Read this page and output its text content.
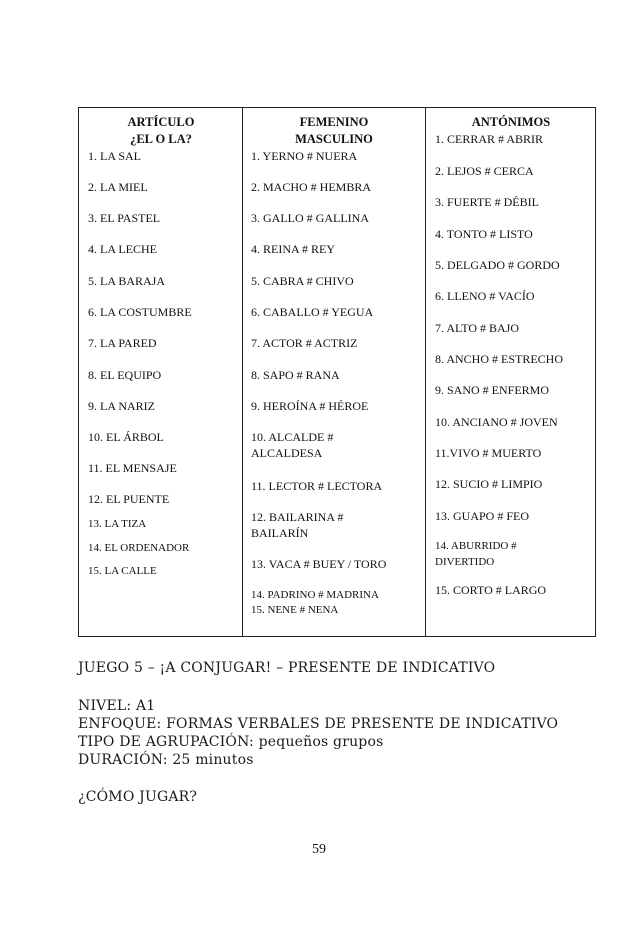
ARTÍCULO
¿EL O LA?
1. LA SAL
2. LA MIEL
3. EL PASTEL
4. LA LECHE
5. LA BARAJA
6. LA COSTUMBRE
7. LA PARED
8. EL EQUIPO
9. LA NARIZ
10. EL ÁRBOL
11. EL MENSAJE
12. EL PUENTE
13. LA TIZA
14. EL ORDENADOR
15. LA CALLE
FEMENINO
MASCULINO
1. YERNO # NUERA
2. MACHO # HEMBRA
3. GALLO # GALLINA
4. REINA # REY
5. CABRA # CHIVO
6. CABALLO # YEGUA
7. ACTOR # ACTRIZ
8. SAPO # RANA
9. HEROÍNA # HÉROE
10. ALCALDE # ALCALDESA
11. LECTOR # LECTORA
12. BAILARINA # BAILARÍN
13. VACA # BUEY / TORO
14. PADRINO # MADRINA
15. NENE # NENA
ANTÓNIMOS
1. CERRAR # ABRIR
2. LEJOS # CERCA
3. FUERTE # DÉBIL
4. TONTO # LISTO
5. DELGADO # GORDO
6. LLENO # VACÍO
7. ALTO # BAJO
8. ANCHO # ESTRECHO
9. SANO # ENFERMO
10. ANCIANO # JOVEN
11.VIVO # MUERTO
12. SUCIO # LIMPIO
13. GUAPO # FEO
14. ABURRIDO # DIVERTIDO
15. CORTO # LARGO
JUEGO 5 – ¡A CONJUGAR! – PRESENTE DE INDICATIVO
NIVEL: A1
ENFOQUE: FORMAS VERBALES DE PRESENTE DE INDICATIVO
TIPO DE AGRUPACIÓN: pequeños grupos
DURACIÓN: 25 minutos
¿CÓMO JUGAR?
59
